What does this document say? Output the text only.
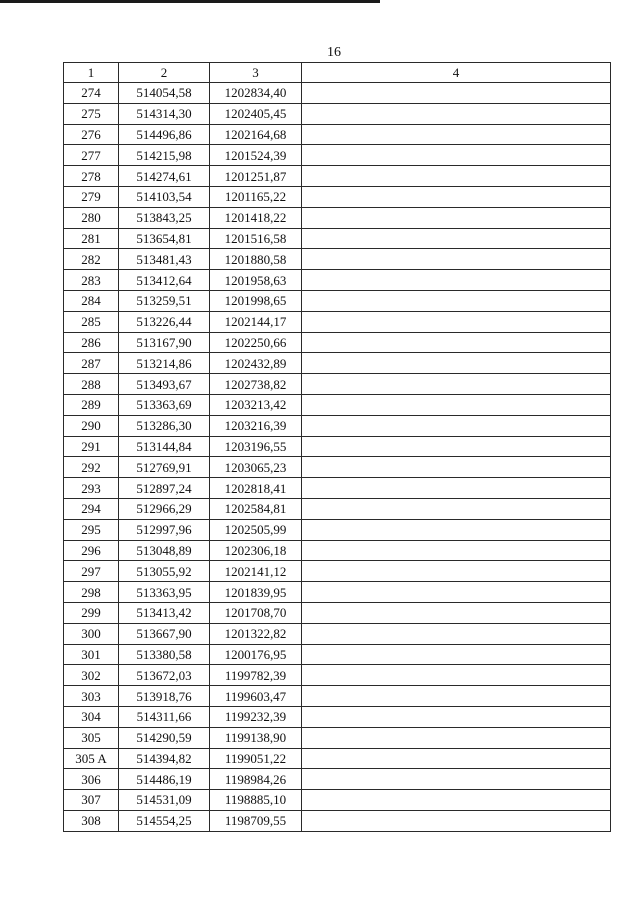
16
1	2	3	4
274	514054,58	1202834,40	
275	514314,30	1202405,45	
276	514496,86	1202164,68	
277	514215,98	1201524,39	
278	514274,61	1201251,87	
279	514103,54	1201165,22	
280	513843,25	1201418,22	
281	513654,81	1201516,58	
282	513481,43	1201880,58	
283	513412,64	1201958,63	
284	513259,51	1201998,65	
285	513226,44	1202144,17	
286	513167,90	1202250,66	
287	513214,86	1202432,89	
288	513493,67	1202738,82	
289	513363,69	1203213,42	
290	513286,30	1203216,39	
291	513144,84	1203196,55	
292	512769,91	1203065,23	
293	512897,24	1202818,41	
294	512966,29	1202584,81	
295	512997,96	1202505,99	
296	513048,89	1202306,18	
297	513055,92	1202141,12	
298	513363,95	1201839,95	
299	513413,42	1201708,70	
300	513667,90	1201322,82	
301	513380,58	1200176,95	
302	513672,03	1199782,39	
303	513918,76	1199603,47	
304	514311,66	1199232,39	
305	514290,59	1199138,90	
305 A	514394,82	1199051,22	
306	514486,19	1198984,26	
307	514531,09	1198885,10	
308	514554,25	1198709,55	
